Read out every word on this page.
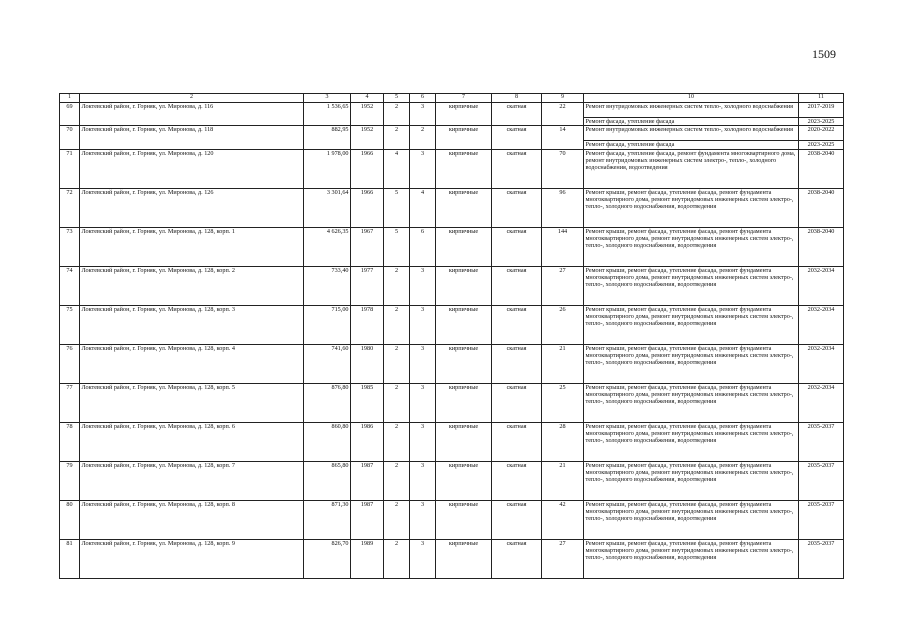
1509
1	2	3	4	5	6	7	8	9	10	11
69	Локтевский район, г. Горняк, ул. Миронова, д. 116	1 536,65	1952	2	3	кирпичные	скатная	22	Ремонт внутридомовых инженерных систем тепло-, холодного водоснабжения	2017-2019
									Ремонт фасада, утепление фасада	2023-2025
70	Локтевский район, г. Горняк, ул. Миронова, д. 118	882,95	1952	2	2	кирпичные	скатная	14	Ремонт внутридомовых инженерных систем тепло-, холодного водоснабжения	2020-2022
									Ремонт фасада, утепление фасада	2023-2025
71	Локтевский район, г. Горняк, ул. Миронова, д. 120	1 978,00	1966	4	3	кирпичные	скатная	70	Ремонт фасада, утепление фасада, ремонт фундамента многоквартирного дома, ремонт внутридомовых инженерных систем электро-, тепло-, холодного водоснабжения, водоотведения	2038-2040
72	Локтевский район, г. Горняк, ул. Миронова, д. 126	3 301,64	1966	5	4	кирпичные	скатная	96	Ремонт крыши, ремонт фасада, утепление фасада, ремонт фундамента многоквартирного дома, ремонт внутридомовых инженерных систем электро-, тепло-, холодного водоснабжения, водоотведения	2038-2040
73	Локтевский район, г. Горняк, ул. Миронова, д. 128, корп. 1	4 626,35	1967	5	6	кирпичные	скатная	144	Ремонт крыши, ремонт фасада, утепление фасада, ремонт фундамента многоквартирного дома, ремонт внутридомовых инженерных систем электро-, тепло-, холодного водоснабжения, водоотведения	2038-2040
74	Локтевский район, г. Горняк, ул. Миронова, д. 128, корп. 2	733,40	1977	2	3	кирпичные	скатная	27	Ремонт крыши, ремонт фасада, утепление фасада, ремонт фундамента многоквартирного дома, ремонт внутридомовых инженерных систем электро-, тепло-, холодного водоснабжения, водоотведения	2032-2034
75	Локтевский район, г. Горняк, ул. Миронова, д. 128, корп. 3	715,00	1978	2	3	кирпичные	скатная	26	Ремонт крыши, ремонт фасада, утепление фасада, ремонт фундамента многоквартирного дома, ремонт внутридомовых инженерных систем электро-, тепло-, холодного водоснабжения, водоотведения	2032-2034
76	Локтевский район, г. Горняк, ул. Миронова, д. 128, корп. 4	741,60	1980	2	3	кирпичные	скатная	21	Ремонт крыши, ремонт фасада, утепление фасада, ремонт фундамента многоквартирного дома, ремонт внутридомовых инженерных систем электро-, тепло-, холодного водоснабжения, водоотведения	2032-2034
77	Локтевский район, г. Горняк, ул. Миронова, д. 128, корп. 5	876,80	1985	2	3	кирпичные	скатная	25	Ремонт крыши, ремонт фасада, утепление фасада, ремонт фундамента многоквартирного дома, ремонт внутридомовых инженерных систем электро-, тепло-, холодного водоснабжения, водоотведения	2032-2034
78	Локтевский район, г. Горняк, ул. Миронова, д. 128, корп. 6	860,80	1986	2	3	кирпичные	скатная	28	Ремонт крыши, ремонт фасада, утепление фасада, ремонт фундамента многоквартирного дома, ремонт внутридомовых инженерных систем электро-, тепло-, холодного водоснабжения, водоотведения	2035-2037
79	Локтевский район, г. Горняк, ул. Миронова, д. 128, корп. 7	865,80	1987	2	3	кирпичные	скатная	21	Ремонт крыши, ремонт фасада, утепление фасада, ремонт фундамента многоквартирного дома, ремонт внутридомовых инженерных систем электро-, тепло-, холодного водоснабжения, водоотведения	2035-2037
80	Локтевский район, г. Горняк, ул. Миронова, д. 128, корп. 8	871,30	1987	2	3	кирпичные	скатная	42	Ремонт крыши, ремонт фасада, утепление фасада, ремонт фундамента многоквартирного дома, ремонт внутридомовых инженерных систем электро-, тепло-, холодного водоснабжения, водоотведения	2035-2037
81	Локтевский район, г. Горняк, ул. Миронова, д. 128, корп. 9	826,70	1989	2	3	кирпичные	скатная	27	Ремонт крыши, ремонт фасада, утепление фасада, ремонт фундамента многоквартирного дома, ремонт внутридомовых инженерных систем электро-, тепло-, холодного водоснабжения, водоотведения	2035-2037
